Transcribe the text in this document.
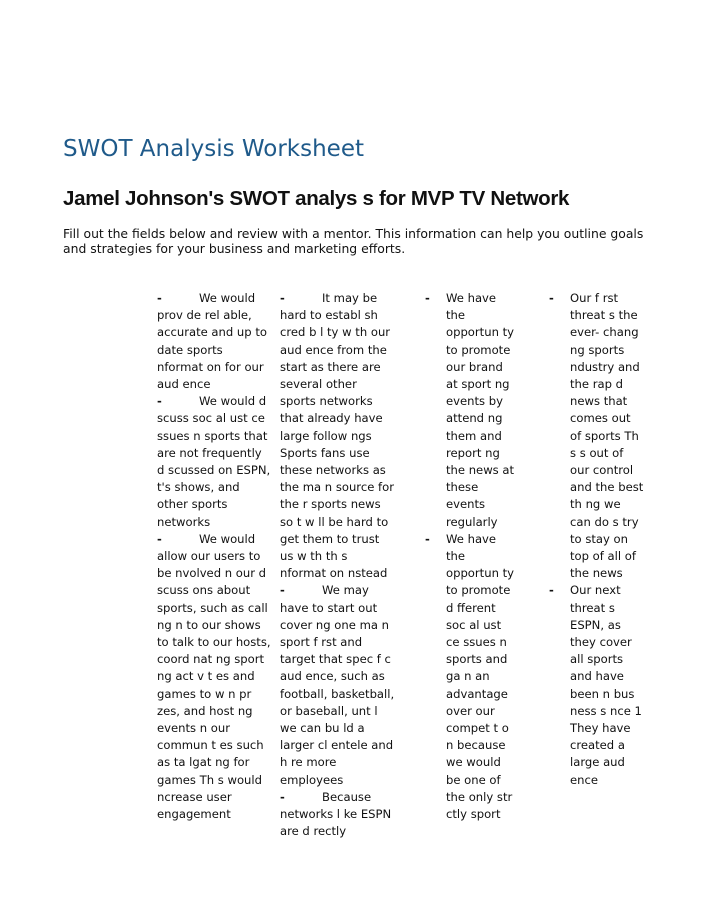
SWOT Analysis Worksheet
Jamel Johnson's SWOT analys s for MVP TV Network

Fill out the fields below and review with a mentor. This information can help you outline goals and strategies for your business and marketing efforts.

-	We would prov de rel able, accurate and up to date sports nformat on for our aud ence

-	We would d scuss soc al ust ce ssues n sports that are not frequently d scussed on ESPN, t's shows, and other sports networks

-	We would allow our users to be nvolved n our d scuss ons about sports, such as call ng n to our shows to talk to our hosts, coord nat ng sport ng act v t es and games to w n pr zes, and host ng events n our commun t es such as ta lgat ng for games Th s would ncrease user engagement

-	It may be hard to establ sh cred b l ty w th our aud ence from the start as there are several other sports networks that already have large follow ngs Sports fans use these networks as the ma n source for the r sports news so t w ll be hard to get them to trust us w th th s nformat on nstead

-	We may have to start out cover ng one ma n sport f rst and target that spec f c aud ence, such as football, basketball, or baseball, unt l we can bu ld a larger cl entele and h re more employees

-	Because networks l ke ESPN are d rectly

-	We have the opportun ty to promote our brand at sport ng events by attend ng them and report ng the news at these events regularly

-	We have the opportun ty to promote d fferent soc al ust ce ssues n sports and ga n an advantage over our compet t o n because we would be one of the only str ctly sport

-	Our f rst threat s the ever- chang ng sports ndustry and the rap d news that comes out of sports Th s s out of our control and the best th ng we can do s try to stay on top of all of the news

-	Our next threat s ESPN, as they cover all sports and have been n bus ness s nce 1 They have created a large aud ence
